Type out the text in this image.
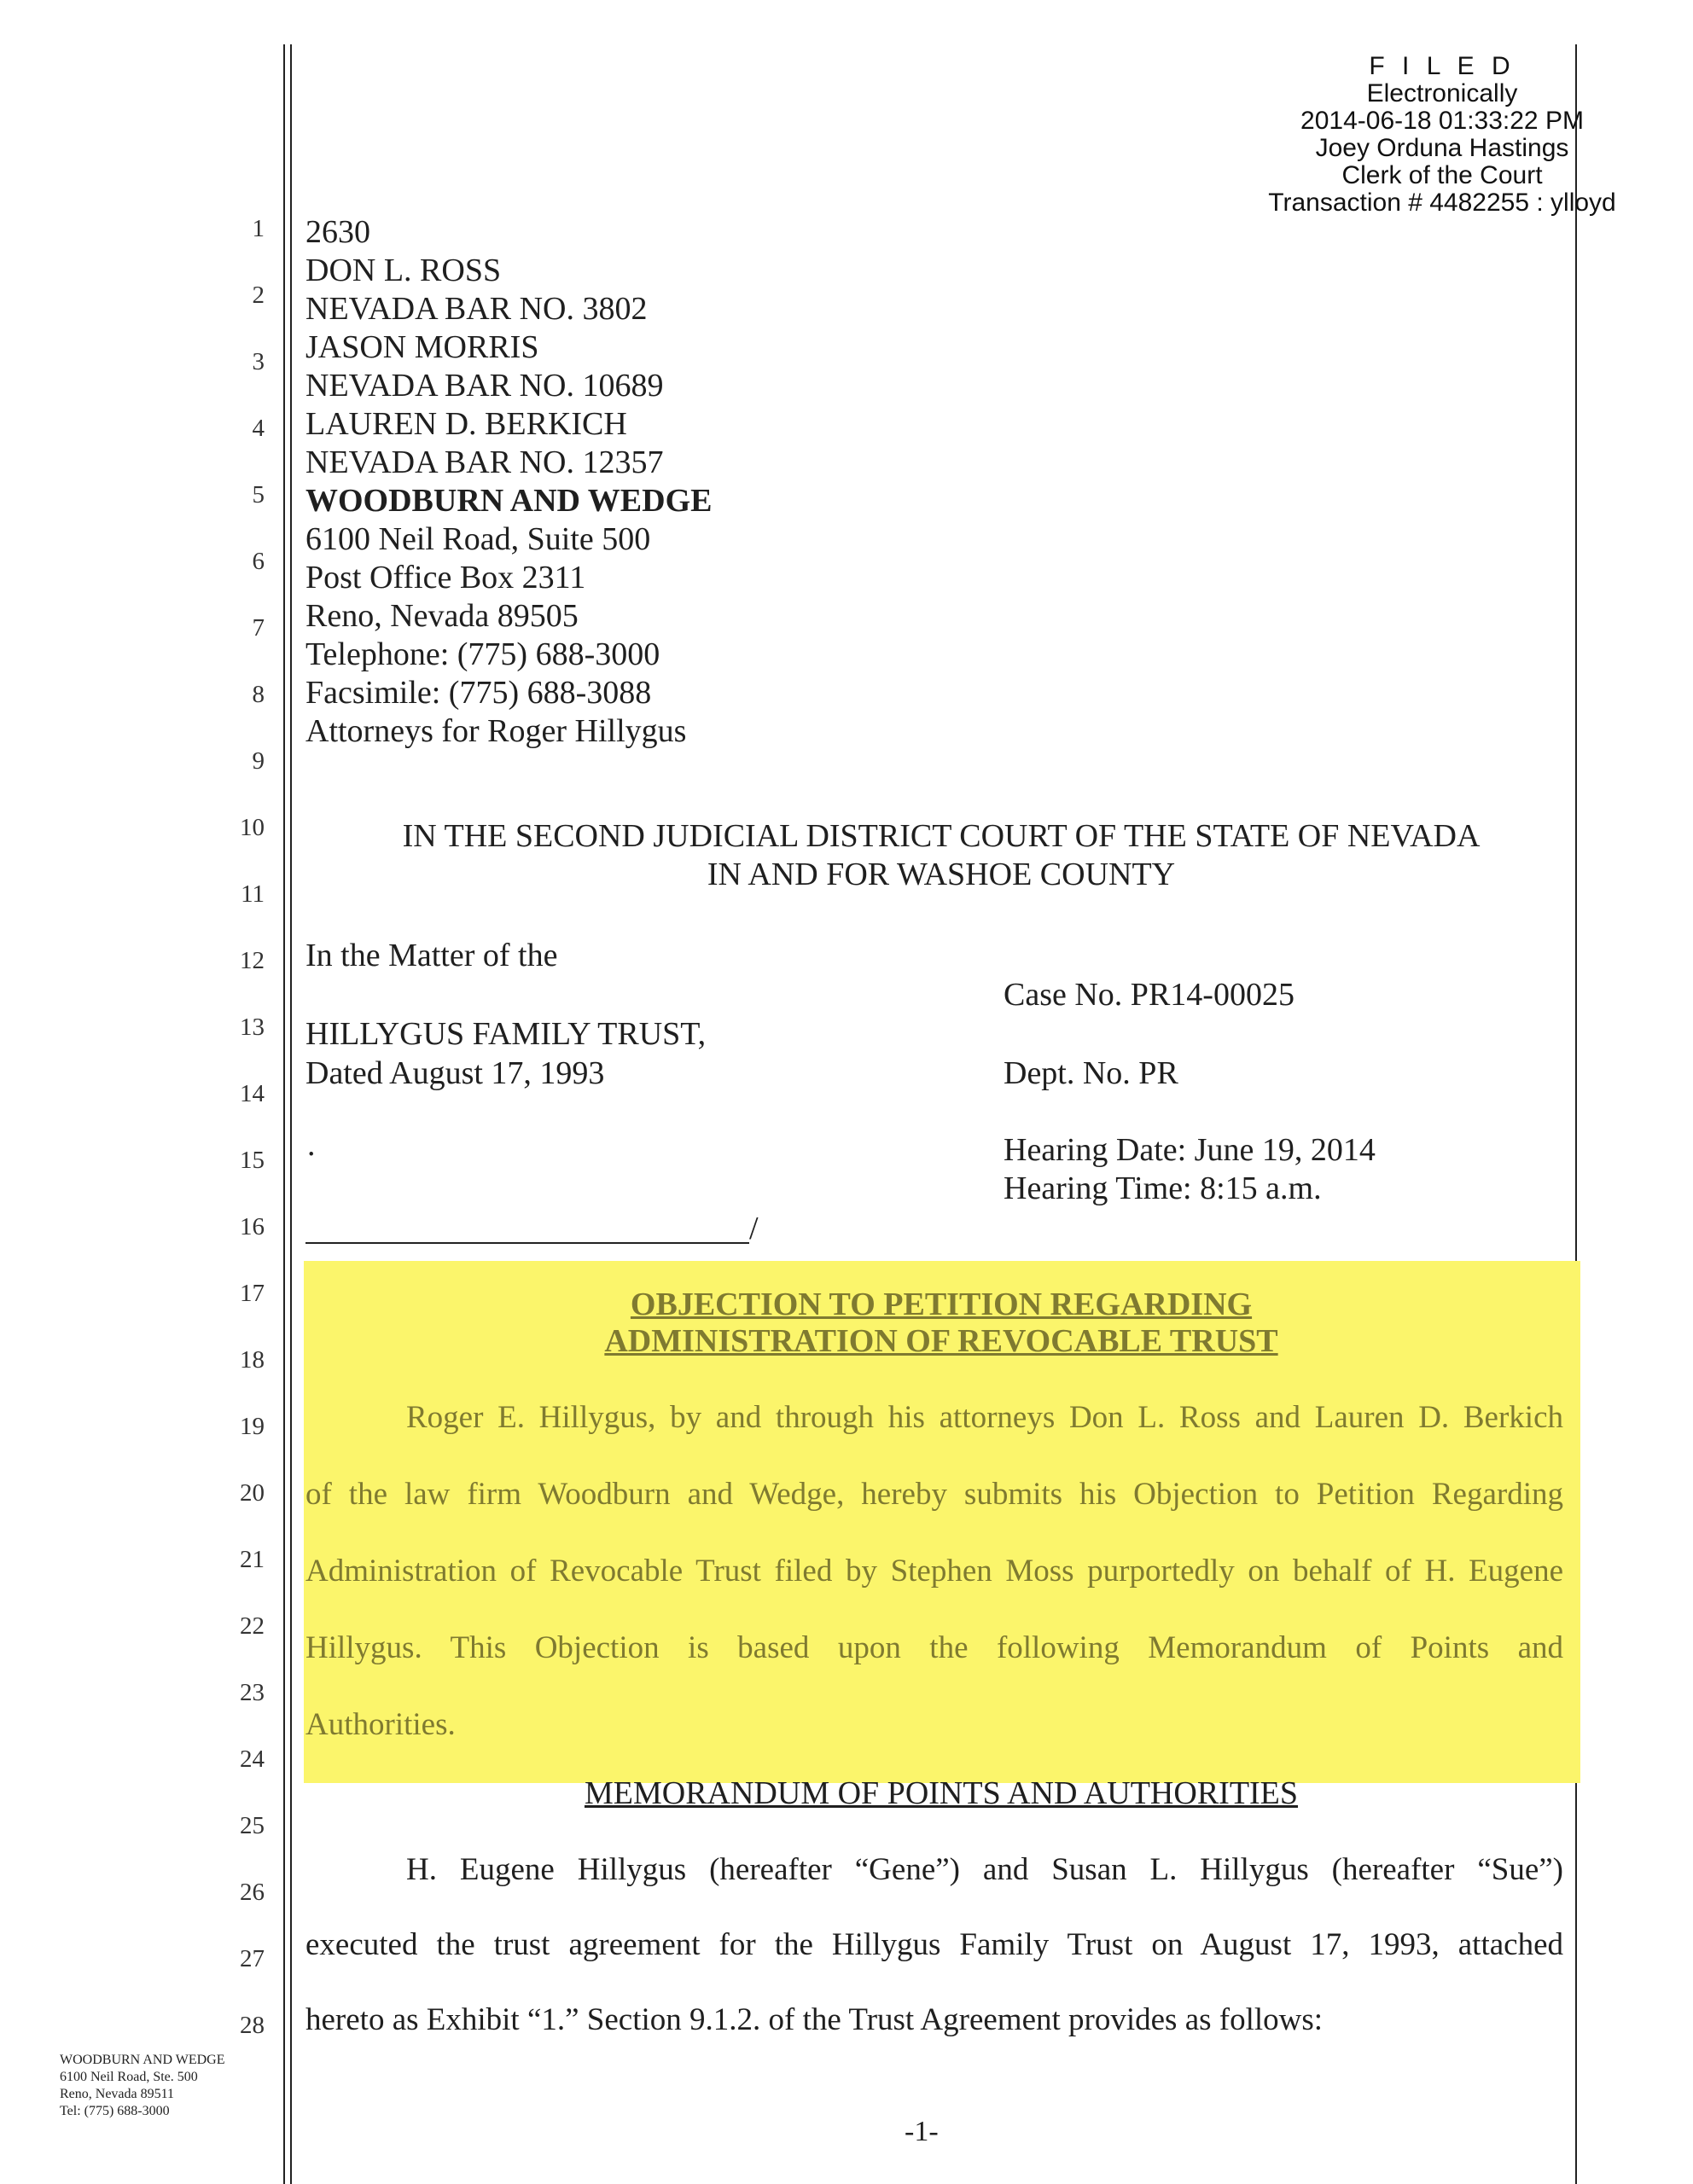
F I L E D
Electronically
2014-06-18 01:33:22 PM
Joey Orduna Hastings
Clerk of the Court
Transaction # 4482255 : ylloyd
1
2
3
4
5
6
7
8
9
10
11
12
13
14
15
16
17
18
19
20
21
22
23
24
25
26
27
28
2630
DON L. ROSS
NEVADA BAR NO. 3802
JASON MORRIS
NEVADA BAR NO. 10689
LAUREN D. BERKICH
NEVADA BAR NO. 12357
WOODBURN AND WEDGE
6100 Neil Road, Suite 500
Post Office Box 2311
Reno, Nevada 89505
Telephone: (775) 688-3000
Facsimile: (775) 688-3088
Attorneys for Roger Hillygus
IN THE SECOND JUDICIAL DISTRICT COURT OF THE STATE OF NEVADA
IN AND FOR WASHOE COUNTY
In the Matter of the
HILLYGUS FAMILY TRUST,
Dated August 17, 1993
.
/
Case No. PR14-00025
Dept. No. PR
Hearing Date: June 19, 2014
Hearing Time: 8:15 a.m.
OBJECTION TO PETITION REGARDING
ADMINISTRATION OF REVOCABLE TRUST
Roger E. Hillygus, by and through his attorneys Don L. Ross and Lauren D. Berkich
of the law firm Woodburn and Wedge, hereby submits his Objection to Petition Regarding
Administration of Revocable Trust filed by Stephen Moss purportedly on behalf of H. Eugene
Hillygus. This Objection is based upon the following Memorandum of Points and
Authorities.
MEMORANDUM OF POINTS AND AUTHORITIES
H. Eugene Hillygus (hereafter “Gene”) and Susan L. Hillygus (hereafter “Sue”)
executed the trust agreement for the Hillygus Family Trust on August 17, 1993, attached
hereto as Exhibit “1.” Section 9.1.2. of the Trust Agreement provides as follows:
WOODBURN AND WEDGE
6100 Neil Road, Ste. 500
Reno, Nevada 89511
Tel: (775) 688-3000
-1-
